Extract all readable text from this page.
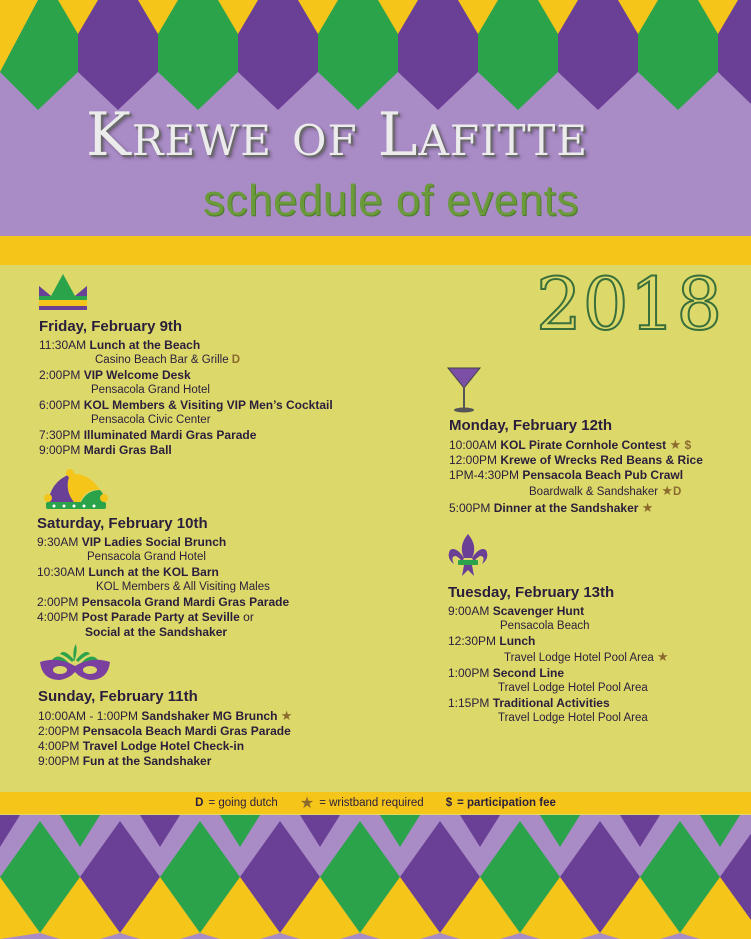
Krewe of Lafitte
schedule of events
2018
Friday, February 9th
11:30AM Lunch at the Beach
Casino Beach Bar & Grille D
2:00PM VIP Welcome Desk
Pensacola Grand Hotel
6:00PM KOL Members & Visiting VIP Men’s Cocktail
Pensacola Civic Center
7:30PM Illuminated Mardi Gras Parade
9:00PM Mardi Gras Ball
Saturday, February 10th
9:30AM VIP Ladies Social Brunch
Pensacola Grand Hotel
10:30AM Lunch at the KOL Barn
KOL Members & All Visiting Males
2:00PM Pensacola Grand Mardi Gras Parade
4:00PM Post Parade Party at Seville or
Social at the Sandshaker
Sunday, February 11th
10:00AM - 1:00PM Sandshaker MG Brunch ★
2:00PM Pensacola Beach Mardi Gras Parade
4:00PM Travel Lodge Hotel Check-in
9:00PM Fun at the Sandshaker
Monday, February 12th
10:00AM KOL Pirate Cornhole Contest ★ $
12:00PM Krewe of Wrecks Red Beans & Rice
1PM-4:30PM Pensacola Beach Pub Crawl
Boardwalk & Sandshaker ★D
5:00PM Dinner at the Sandshaker ★
Tuesday, February 13th
9:00AM Scavenger Hunt
Pensacola Beach
12:30PM Lunch
Travel Lodge Hotel Pool Area ★
1:00PM Second Line
Travel Lodge Hotel Pool Area
1:15PM Traditional Activities
Travel Lodge Hotel Pool Area
D = going dutch ★ = wristband required $ = participation fee
